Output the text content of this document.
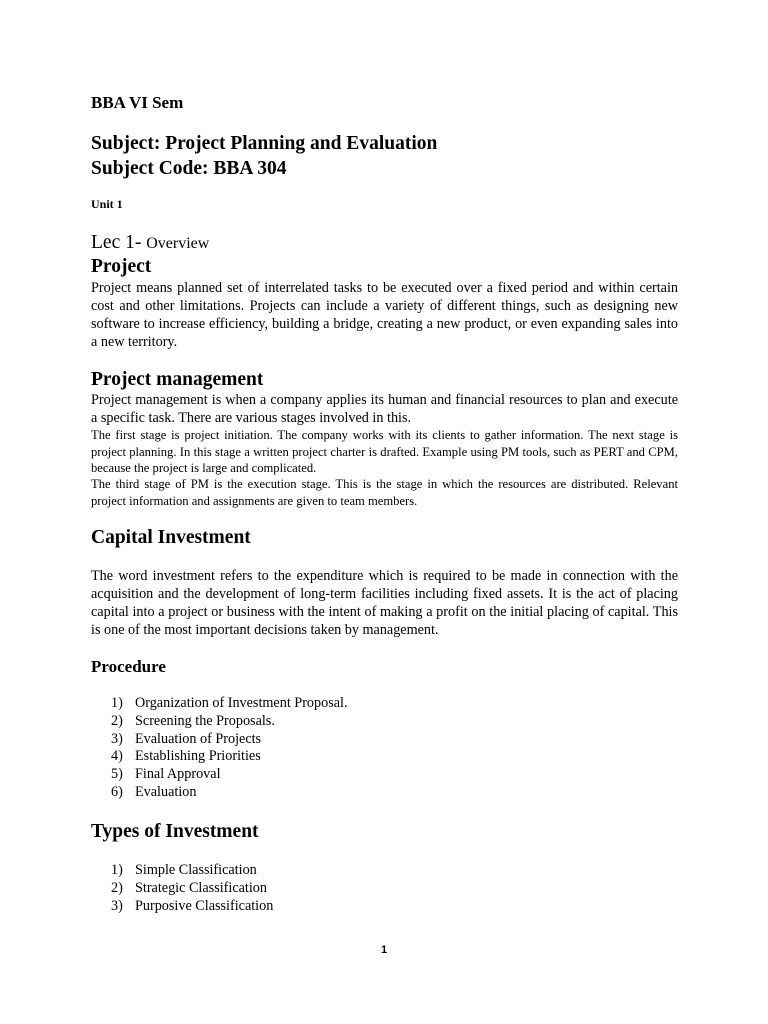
BBA VI Sem
Subject: Project Planning and Evaluation
Subject Code: BBA 304
Unit 1
Lec 1- Overview
Project
Project means planned set of interrelated tasks to be executed over a fixed period and within certain cost and other limitations. Projects can include a variety of different things, such as designing new software to increase efficiency, building a bridge, creating a new product, or even expanding sales into a new territory.
Project management
Project management is when a company applies its human and financial resources to plan and execute a specific task. There are various stages involved in this.
The first stage is project initiation. The company works with its clients to gather information. The next stage is project planning. In this stage a written project charter is drafted. Example using PM tools, such as PERT and CPM, because the project is large and complicated.
The third stage of PM is the execution stage. This is the stage in which the resources are distributed. Relevant project information and assignments are given to team members.
Capital Investment
The word investment refers to the expenditure which is required to be made in connection with the acquisition and the development of long-term facilities including fixed assets. It is the act of placing capital into a project or business with the intent of making a profit on the initial placing of capital. This is one of the most important decisions taken by management.
Procedure
1) Organization of Investment Proposal.
2) Screening the Proposals.
3) Evaluation of Projects
4) Establishing Priorities
5) Final Approval
6) Evaluation
Types of Investment
1) Simple Classification
2) Strategic Classification
3) Purposive Classification
1
